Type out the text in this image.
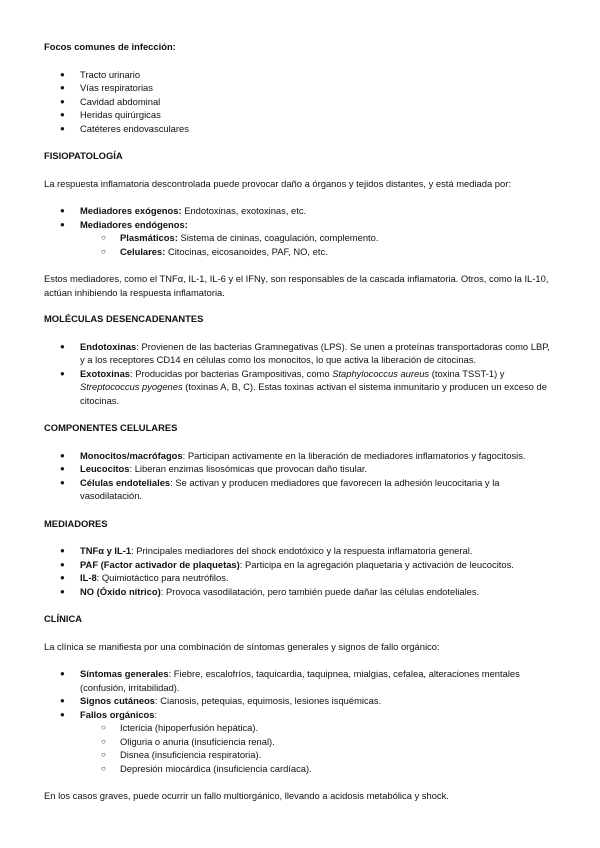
Focos comunes de infección:

● Tracto urinario
● Vías respiratorias
● Cavidad abdominal
● Heridas quirúrgicas
● Catéteres endovasculares

FISIOPATOLOGÍA

La respuesta inflamatoria descontrolada puede provocar daño a órganos y tejidos distantes, y está mediada por:

● Mediadores exógenos: Endotoxinas, exotoxinas, etc.
● Mediadores endógenos:
○ Plasmáticos: Sistema de cininas, coagulación, complemento.
○ Celulares: Citocinas, eicosanoides, PAF, NO, etc.

Estos mediadores, como el TNFα, IL-1, IL-6 y el IFNγ, son responsables de la cascada inflamatoria. Otros, como la IL-10, actúan inhibiendo la respuesta inflamatoria.

MOLÉCULAS DESENCADENANTES

● Endotoxinas: Provienen de las bacterias Gramnegativas (LPS). Se unen a proteínas transportadoras como LBP, y a los receptores CD14 en células como los monocitos, lo que activa la liberación de citocinas.
● Exotoxinas: Producidas por bacterias Grampositivas, como Staphylococcus aureus (toxina TSST-1) y Streptococcus pyogenes (toxinas A, B, C). Estas toxinas activan el sistema inmunitario y producen un exceso de citocinas.

COMPONENTES CELULARES

● Monocitos/macrófagos: Participan activamente en la liberación de mediadores inflamatorios y fagocitosis.
● Leucocitos: Liberan enzimas lisosómicas que provocan daño tisular.
● Células endoteliales: Se activan y producen mediadores que favorecen la adhesión leucocitaria y la vasodilatación.

MEDIADORES

● TNFα y IL-1: Principales mediadores del shock endotóxico y la respuesta inflamatoria general.
● PAF (Factor activador de plaquetas): Participa en la agregación plaquetaria y activación de leucocitos.
● IL-8: Quimiotáctico para neutrófilos.
● NO (Óxido nítrico): Provoca vasodilatación, pero también puede dañar las células endoteliales.

CLÍNICA

La clínica se manifiesta por una combinación de síntomas generales y signos de fallo orgánico:

● Síntomas generales: Fiebre, escalofríos, taquicardia, taquipnea, mialgias, cefalea, alteraciones mentales (confusión, irritabilidad).
● Signos cutáneos: Cianosis, petequias, equimosis, lesiones isquémicas.
● Fallos orgánicos:
○ Ictericia (hipoperfusión hepática).
○ Oliguria o anuria (insuficiencia renal).
○ Disnea (insuficiencia respiratoria).
○ Depresión miocárdica (insuficiencia cardíaca).

En los casos graves, puede ocurrir un fallo multiorgánico, llevando a acidosis metabólica y shock.
